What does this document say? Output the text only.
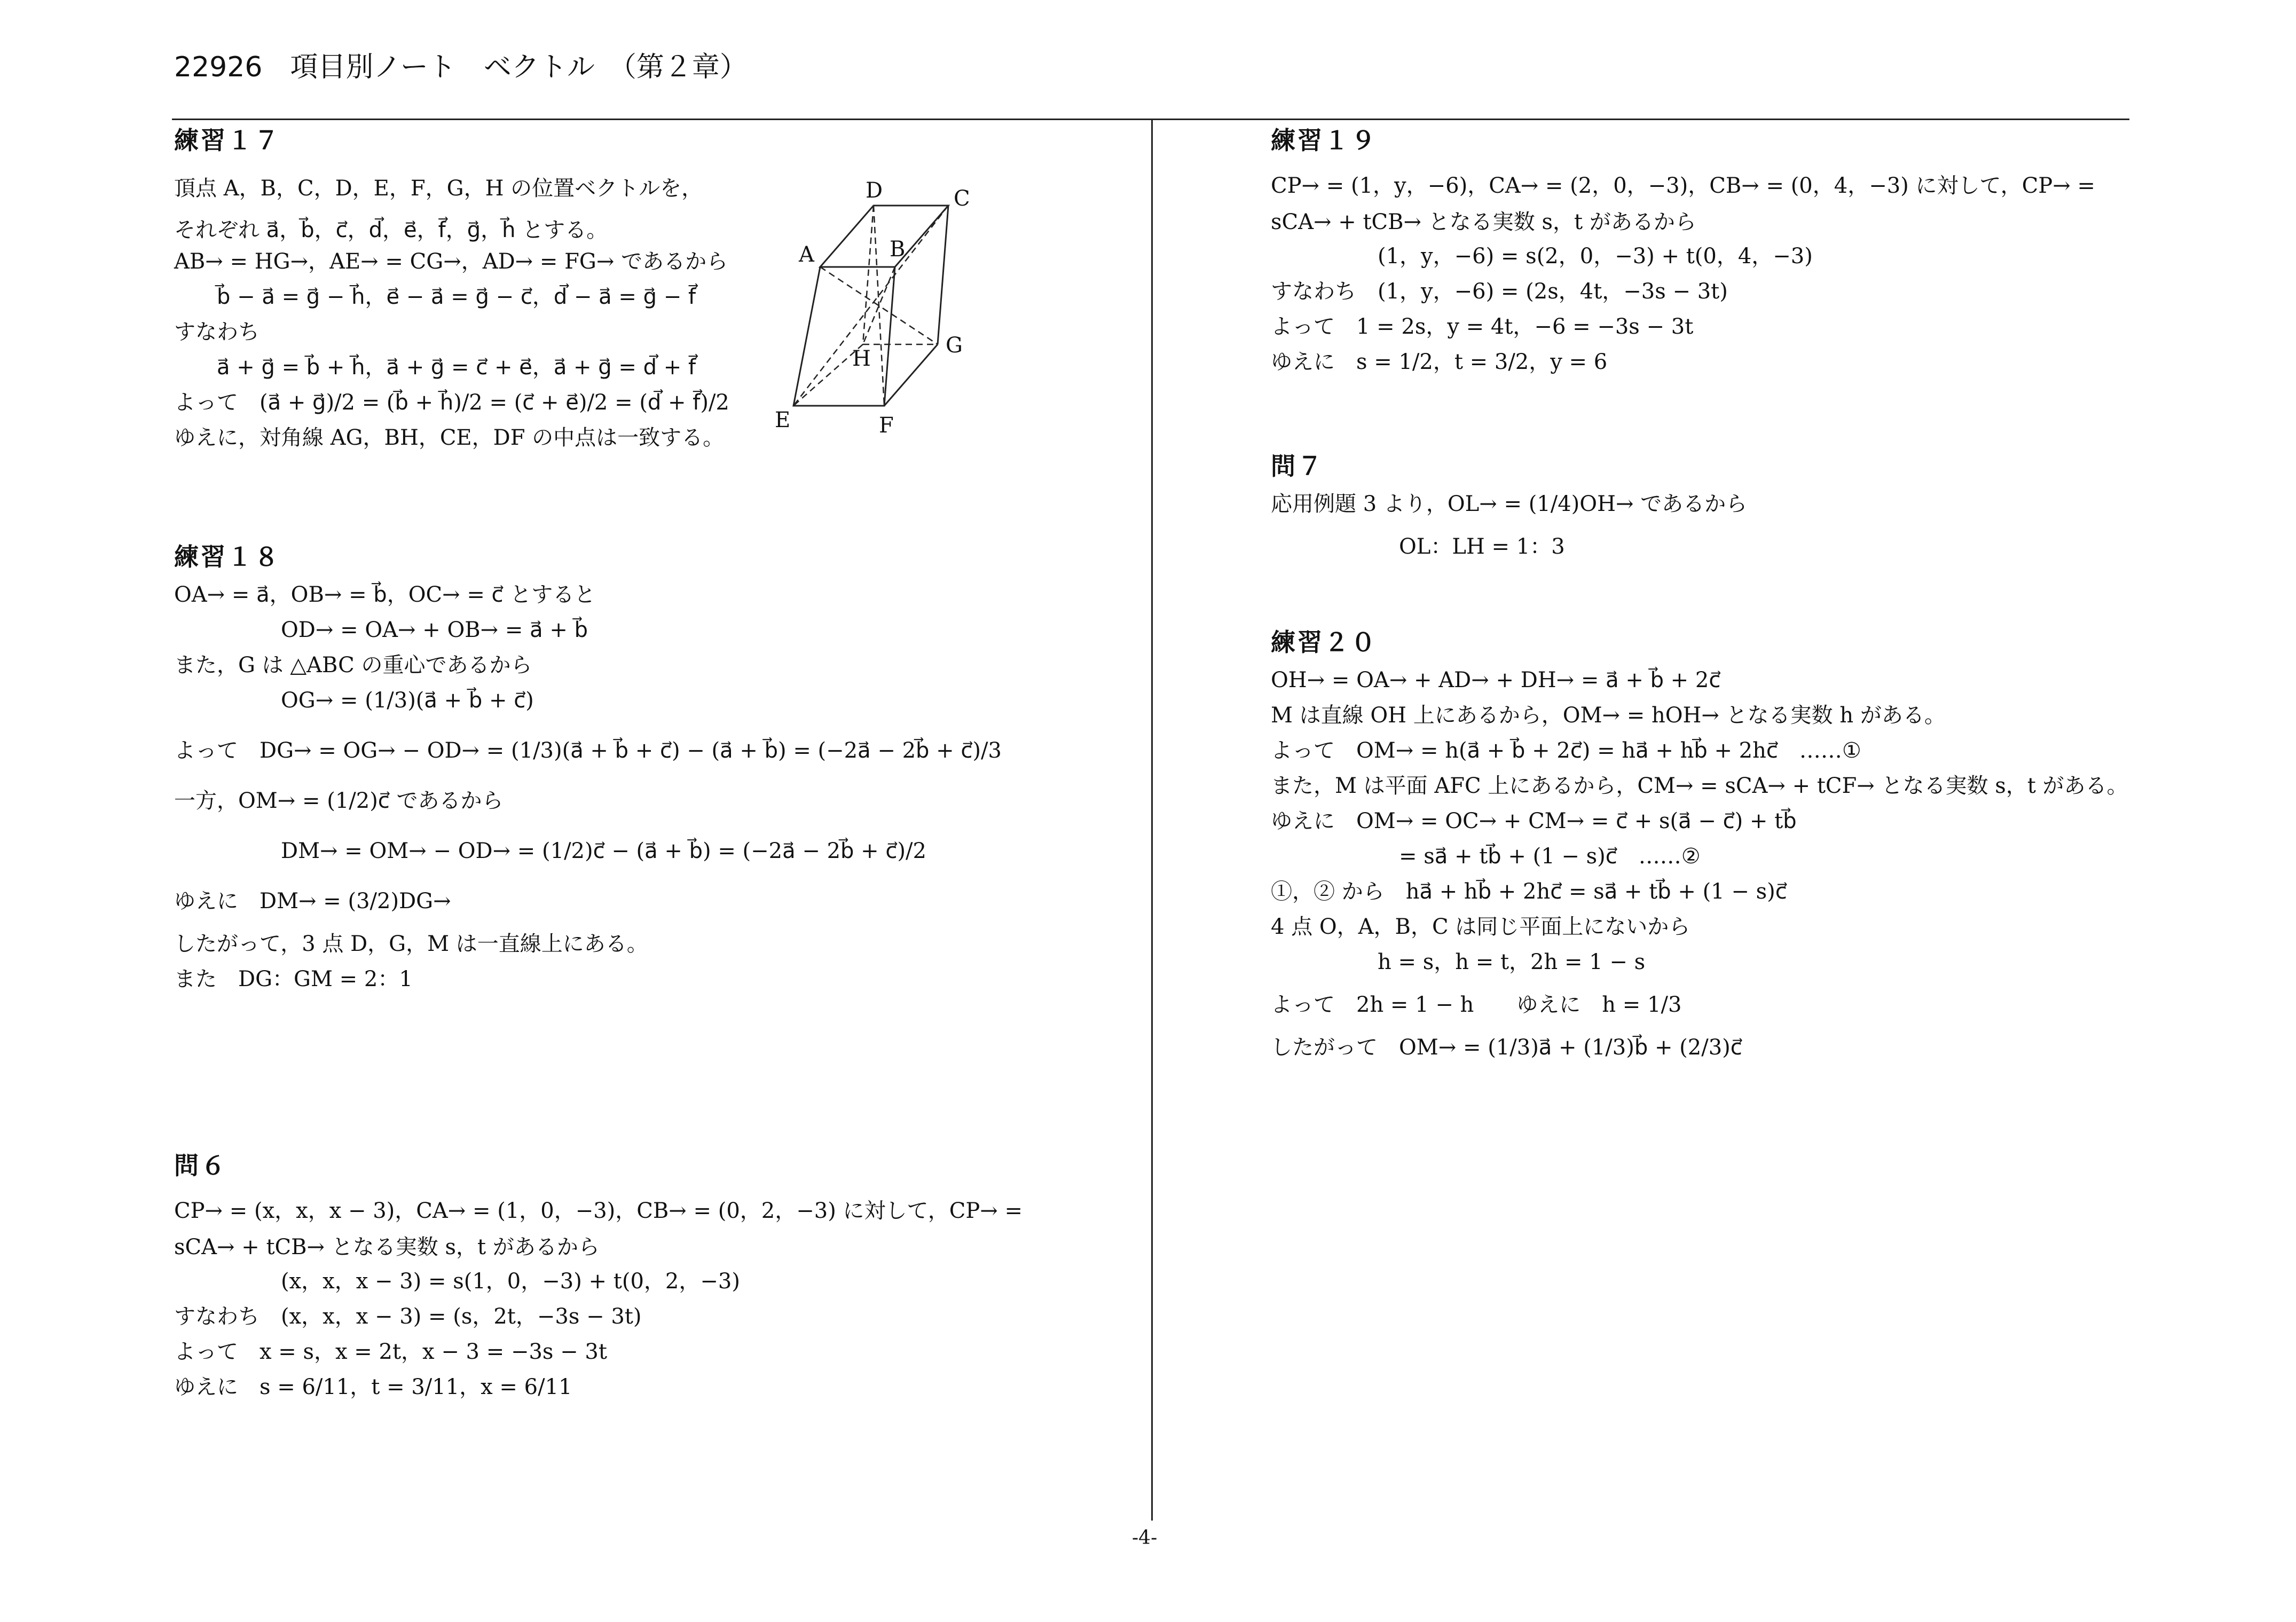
22926　項目別ノート　ベクトル　（第２章）
練習１７
頂点 A，B，C，D，E，F，G，H の位置ベクトルを，それぞれ a⃗，b⃗，c⃗，d⃗，e⃗，f⃗，g⃗，h⃗ とする。
AB→ = HG→，AE→ = CG→，AD→ = FG→ であるから
b⃗ − a⃗ = g⃗ − h⃗，e⃗ − a⃗ = g⃗ − c⃗，d⃗ − a⃗ = g⃗ − f⃗
すなわち
a⃗ + g⃗ = b⃗ + h⃗，a⃗ + g⃗ = c⃗ + e⃗，a⃗ + g⃗ = d⃗ + f⃗
よって　(a⃗ + g⃗)/2 = (b⃗ + h⃗)/2 = (c⃗ + e⃗)/2 = (d⃗ + f⃗)/2
ゆえに，対角線 AG，BH，CE，DF の中点は一致する。
A	B
C
D
E	F
G
H
練習１８
OA→ = a⃗，OB→ = b⃗，OC→ = c⃗ とすると
OD→ = OA→ + OB→ = a⃗ + b⃗
また，G は △ABC の重心であるから
OG→ = (1/3)(a⃗ + b⃗ + c⃗)
よって　DG→ = OG→ − OD→ = (1/3)(a⃗ + b⃗ + c⃗) − (a⃗ + b⃗) = (−2a⃗ − 2b⃗ + c⃗)/3
一方，OM→ = (1/2)c⃗ であるから
DM→ = OM→ − OD→ = (1/2)c⃗ − (a⃗ + b⃗) = (−2a⃗ − 2b⃗ + c⃗)/2
ゆえに　DM→ = (3/2)DG→
したがって，3 点 D，G，M は一直線上にある。
また　DG：GM = 2：1
問６
CP→ = (x，x，x − 3)，CA→ = (1，0，−3)，CB→ = (0，2，−3) に対して，CP→ = sCA→ + tCB→ となる実数 s，t があるから
(x，x，x − 3) = s(1，0，−3) + t(0，2，−3)
すなわち　(x，x，x − 3) = (s，2t，−3s − 3t)
よって　x = s，x = 2t，x − 3 = −3s − 3t
ゆえに　s = 6/11，t = 3/11，x = 6/11
練習１９
CP→ = (1，y，−6)，CA→ = (2，0，−3)，CB→ = (0，4，−3) に対して，CP→ = sCA→ + tCB→ となる実数 s，t があるから
(1，y，−6) = s(2，0，−3) + t(0，4，−3)
すなわち　(1，y，−6) = (2s，4t，−3s − 3t)
よって　1 = 2s，y = 4t，−6 = −3s − 3t
ゆえに　s = 1/2，t = 3/2，y = 6
問７
応用例題 3 より，OL→ = (1/4)OH→ であるから
OL：LH = 1：3
練習２０
OH→ = OA→ + AD→ + DH→ = a⃗ + b⃗ + 2c⃗
M は直線 OH 上にあるから，OM→ = hOH→ となる実数 h がある。
よって　OM→ = h(a⃗ + b⃗ + 2c⃗) = ha⃗ + hb⃗ + 2hc⃗　……①
また，M は平面 AFC 上にあるから，CM→ = sCA→ + tCF→ となる実数 s，t がある。
ゆえに　OM→ = OC→ + CM→ = c⃗ + s(a⃗ − c⃗) + tb⃗
= sa⃗ + tb⃗ + (1 − s)c⃗　……②
①，② から　ha⃗ + hb⃗ + 2hc⃗ = sa⃗ + tb⃗ + (1 − s)c⃗
4 点 O，A，B，C は同じ平面上にないから
h = s，h = t，2h = 1 − s
よって　2h = 1 − h　　ゆえに　h = 1/3
したがって　OM→ = (1/3)a⃗ + (1/3)b⃗ + (2/3)c⃗
-4-
